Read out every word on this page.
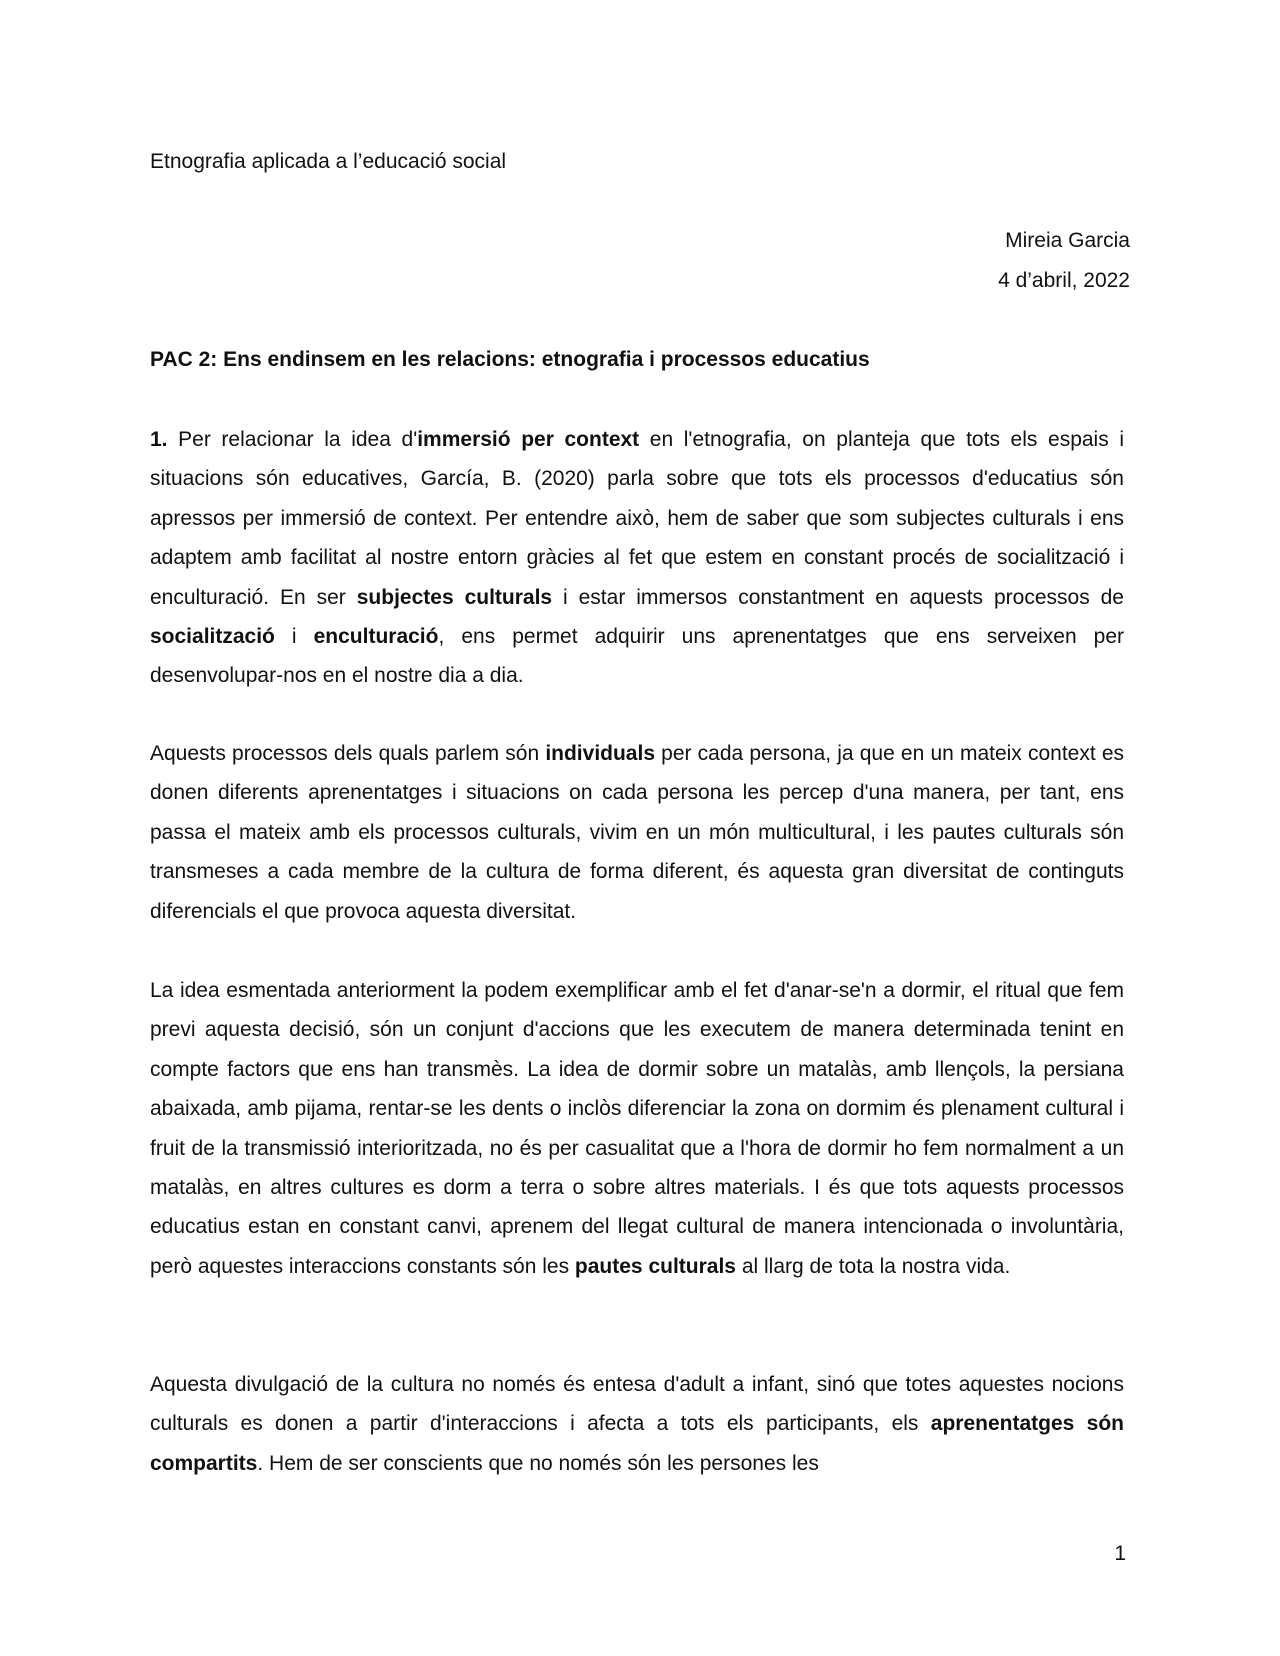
Etnografia aplicada a l’educació social
Mireia Garcia
4 d’abril, 2022
PAC 2: Ens endinsem en les relacions: etnografia i processos educatius

1. Per relacionar la idea d'immersió per context en l'etnografia, on planteja que tots els espais i situacions són educatives, García, B. (2020) parla sobre que tots els processos d'educatius són apressos per immersió de context. Per entendre això, hem de saber que som subjectes culturals i ens adaptem amb facilitat al nostre entorn gràcies al fet que estem en constant procés de socialització i enculturació. En ser subjectes culturals i estar immersos constantment en aquests processos de socialització i enculturació, ens permet adquirir uns aprenentatges que ens serveixen per desenvolupar-nos en el nostre dia a dia.

Aquests processos dels quals parlem són individuals per cada persona, ja que en un mateix context es donen diferents aprenentatges i situacions on cada persona les percep d'una manera, per tant, ens passa el mateix amb els processos culturals, vivim en un món multicultural, i les pautes culturals són transmeses a cada membre de la cultura de forma diferent, és aquesta gran diversitat de continguts diferencials el que provoca aquesta diversitat.

La idea esmentada anteriorment la podem exemplificar amb el fet d'anar-se'n a dormir, el ritual que fem previ aquesta decisió, són un conjunt d'accions que les executem de manera determinada tenint en compte factors que ens han transmès. La idea de dormir sobre un matalàs, amb llençols, la persiana abaixada, amb pijama, rentar-se les dents o inclòs diferenciar la zona on dormim és plenament cultural i fruit de la transmissió interioritzada, no és per casualitat que a l'hora de dormir ho fem normalment a un matalàs, en altres cultures es dorm a terra o sobre altres materials. I és que tots aquests processos educatius estan en constant canvi, aprenem del llegat cultural de manera intencionada o involuntària, però aquestes interaccions constants són les pautes culturals al llarg de tota la nostra vida.

Aquesta divulgació de la cultura no només és entesa d'adult a infant, sinó que totes aquestes nocions culturals es donen a partir d'interaccions i afecta a tots els participants, els aprenentatges són compartits. Hem de ser conscients que no només són les persones les

1
